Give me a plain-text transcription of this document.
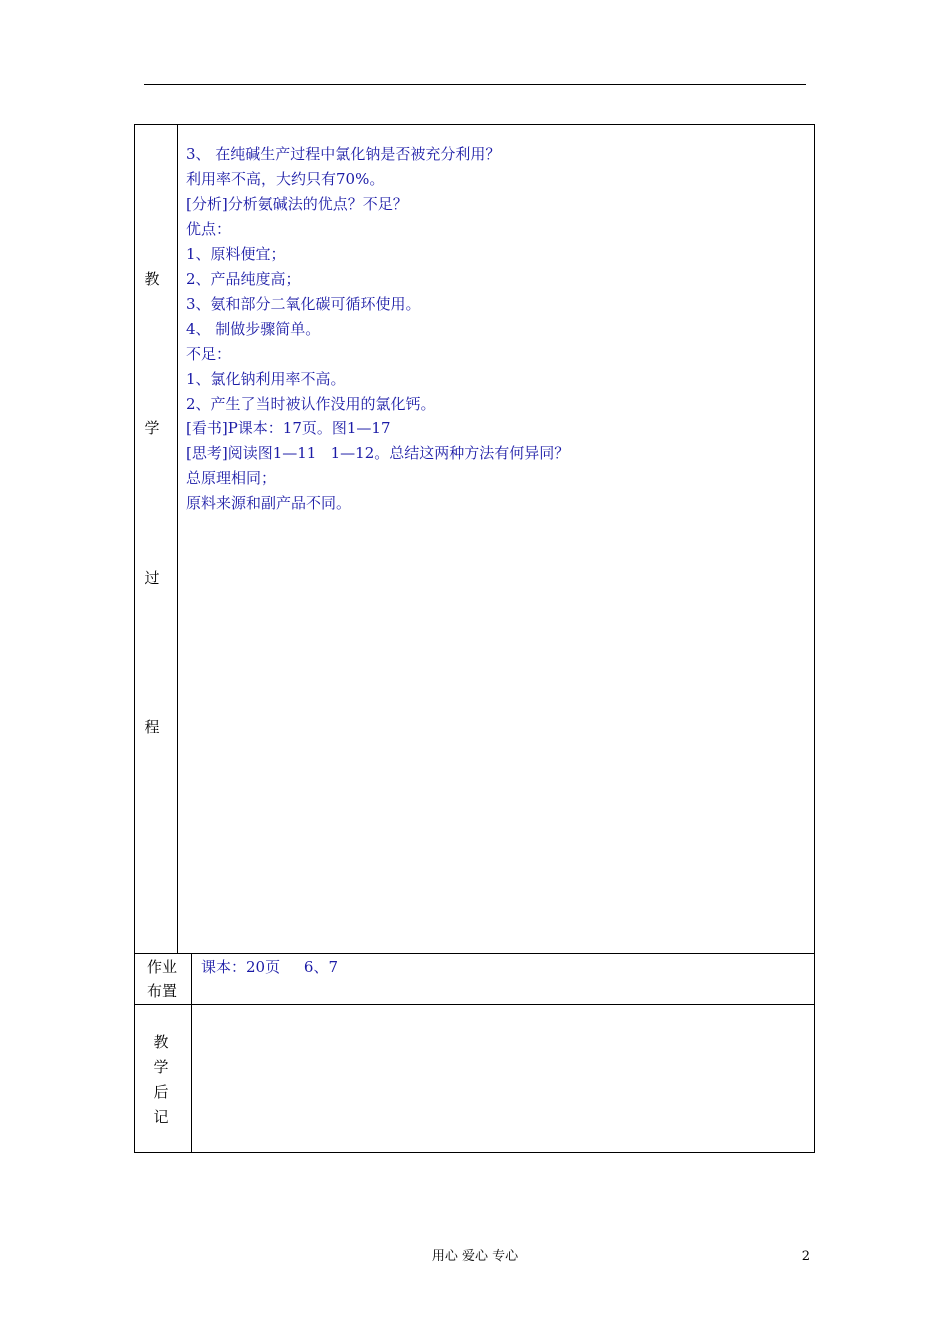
教
学
过
程
3、 在纯碱生产过程中氯化钠是否被充分利用？
利用率不高，大约只有70%。
[分析]分析氨碱法的优点？不足？
优点：
1、原料便宜；
2、产品纯度高；
3、氨和部分二氧化碳可循环使用。
4、 制做步骤简单。
不足：
1、氯化钠利用率不高。
2、产生了当时被认作没用的氯化钙。
[看书]P课本：17页。图1—17
[思考]阅读图1—11   1—12。总结这两种方法有何异同？
总原理相同；
原料来源和副产品不同。
作业
布置
课本：20页     6、7
教
学
后
记
用心 爱心 专心	2
